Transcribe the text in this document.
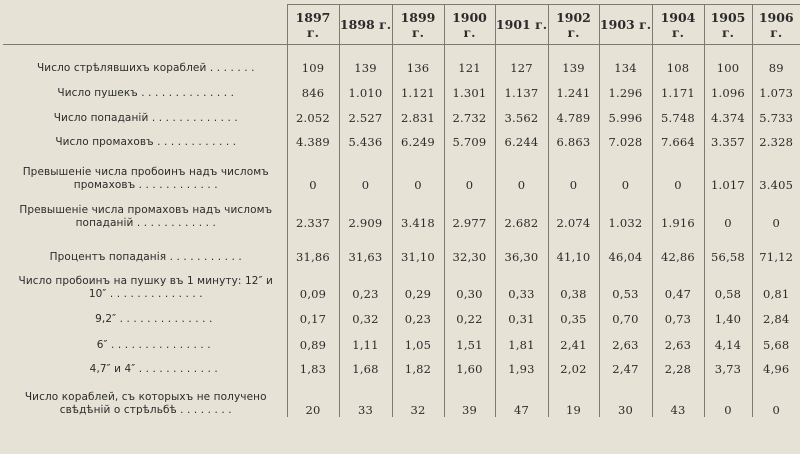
	1897 г.	1898 г.	1899 г.	1900 г.	1901 г.	1902 г.	1903 г.	1904 г.	1905 г.	1906 г.
Число стрѣлявшихъ кораблей . . . . . . .	109	139	136	121	127	139	134	108	100	89
Число пушекъ . . . . . . . . . . . . . .	846	1.010	1.121	1.301	1.137	1.241	1.296	1.171	1.096	1.073
Число попаданій . . . . . . . . . . . . .	2.052	2.527	2.831	2.732	3.562	4.789	5.996	5.748	4.374	5.733
Число промаховъ . . . . . . . . . . . .	4.389	5.436	6.249	5.709	6.244	6.863	7.028	7.664	3.357	2.328
Превышеніе числа пробоинъ надъ числомъ промаховъ . . . . . . . . . . . .	0	0	0	0	0	0	0	0	1.017	3.405
Превышеніе числа промаховъ надъ числомъ попаданій . . . . . . . . . . . .	2.337	2.909	3.418	2.977	2.682	2.074	1.032	1.916	0	0
Процентъ попаданія . . . . . . . . . . .	31,86	31,63	31,10	32,30	36,30	41,10	46,04	42,86	56,58	71,12
Число пробоинъ на пушку въ 1 минуту: 12″ и 10″ . . . . . . . . . . . . . .	0,09	0,23	0,29	0,30	0,33	0,38	0,53	0,47	0,58	0,81
9,2″ . . . . . . . . . . . . . .	0,17	0,32	0,23	0,22	0,31	0,35	0,70	0,73	1,40	2,84
6″ . . . . . . . . . . . . . . .	0,89	1,11	1,05	1,51	1,81	2,41	2,63	2,63	4,14	5,68
4,7″ и 4″ . . . . . . . . . . . .	1,83	1,68	1,82	1,60	1,93	2,02	2,47	2,28	3,73	4,96
Число кораблей, съ которыхъ не получено свѣдѣній о стрѣльбѣ . . . . . . . .	20	33	32	39	47	19	30	43	0	0
